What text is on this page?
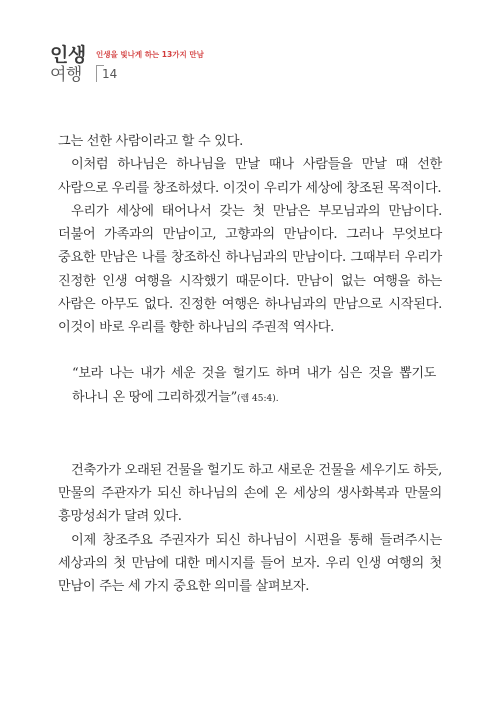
인생
여행
인생을 빛나게 하는 13가지 만남
14

그는 선한 사람이라고 할 수 있다.

이처럼 하나님은 하나님을 만날 때나 사람들을 만날 때 선한 사람으로 우리를 창조하셨다. 이것이 우리가 세상에 창조된 목적이다.

우리가 세상에 태어나서 갖는 첫 만남은 부모님과의 만남이다. 더불어 가족과의 만남이고, 고향과의 만남이다. 그러나 무엇보다 중요한 만남은 나를 창조하신 하나님과의 만남이다. 그때부터 우리가 진정한 인생 여행을 시작했기 때문이다. 만남이 없는 여행을 하는 사람은 아무도 없다. 진정한 여행은 하나님과의 만남으로 시작된다. 이것이 바로 우리를 향한 하나님의 주권적 역사다.

“보라 나는 내가 세운 것을 헐기도 하며 내가 심은 것을 뽑기도 하나니 온 땅에 그리하겠거늘”(렘 45:4).

건축가가 오래된 건물을 헐기도 하고 새로운 건물을 세우기도 하듯, 만물의 주관자가 되신 하나님의 손에 온 세상의 생사화복과 만물의 흥망성쇠가 달려 있다.

이제 창조주요 주권자가 되신 하나님이 시편을 통해 들려주시는 세상과의 첫 만남에 대한 메시지를 들어 보자. 우리 인생 여행의 첫 만남이 주는 세 가지 중요한 의미를 살펴보자.
